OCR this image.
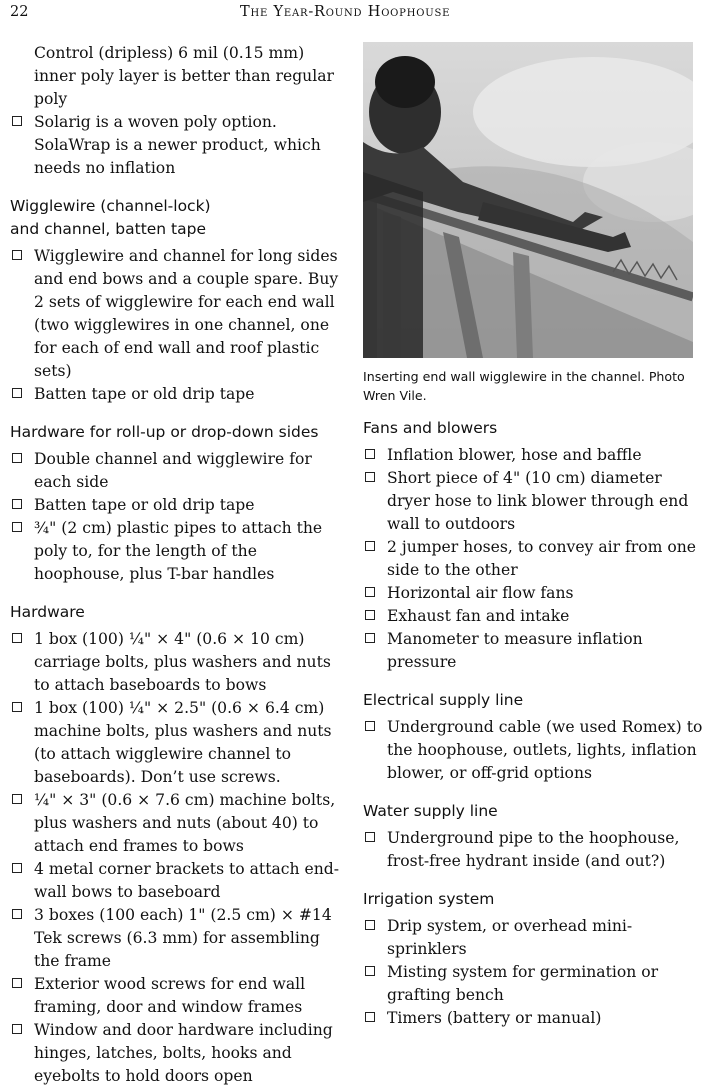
22	The Year-Round Hoophouse
Control (dripless) 6 mil (0.15 mm) inner poly layer is better than regular poly
Solarig is a woven poly option. SolaWrap is a newer product, which needs no inflation
Wigglewire (channel-lock) and channel, batten tape
Wigglewire and channel for long sides and end bows and a couple spare. Buy 2 sets of wigglewire for each end wall (two wigglewires in one channel, one for each of end wall and roof plastic sets)
Batten tape or old drip tape
Hardware for roll-up or drop-down sides
Double channel and wigglewire for each side
Batten tape or old drip tape
¾" (2 cm) plastic pipes to attach the poly to, for the length of the hoophouse, plus T-bar handles
Hardware
1 box (100) ¼" × 4" (0.6 × 10 cm) carriage bolts, plus washers and nuts to attach baseboards to bows
1 box (100) ¼" × 2.5" (0.6 × 6.4 cm) machine bolts, plus washers and nuts (to attach wigglewire channel to baseboards). Don’t use screws.
¼" × 3" (0.6 × 7.6 cm) machine bolts, plus washers and nuts (about 40) to attach end frames to bows
4 metal corner brackets to attach end-wall bows to baseboard
3 boxes (100 each) 1" (2.5 cm) × #14 Tek screws (6.3 mm) for assembling the frame
Exterior wood screws for end wall framing, door and window frames
Window and door hardware including hinges, latches, bolts, hooks and eyebolts to hold doors open
Inserting end wall wigglewire in the channel. Photo Wren Vile.
Fans and blowers
Inflation blower, hose and baffle
Short piece of 4" (10 cm) diameter dryer hose to link blower through end wall to outdoors
2 jumper hoses, to convey air from one side to the other
Horizontal air flow fans
Exhaust fan and intake
Manometer to measure inflation pressure
Electrical supply line
Underground cable (we used Romex) to the hoophouse, outlets, lights, inflation blower, or off-grid options
Water supply line
Underground pipe to the hoophouse, frost-free hydrant inside (and out?)
Irrigation system
Drip system, or overhead mini-sprinklers
Misting system for germination or grafting bench
Timers (battery or manual)
